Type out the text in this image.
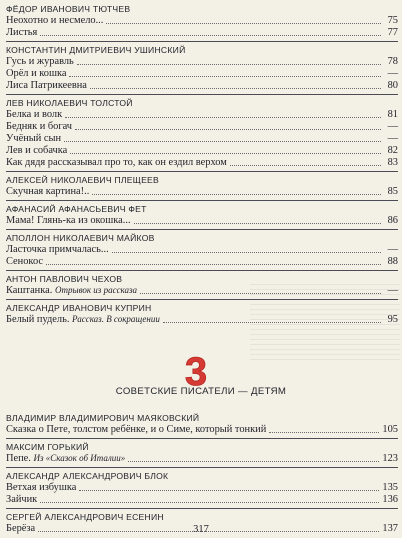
ФЁДОР ИВАНОВИЧ ТЮТЧЕВ
Неохотно и несмело...	75
Листья	77
КОНСТАНТИН ДМИТРИЕВИЧ УШИНСКИЙ
Гусь и журавль	78
Орёл и кошка	—
Лиса Патрикеевна	80
ЛЕВ НИКОЛАЕВИЧ ТОЛСТОЙ
Белка и волк	81
Бедняк и богач	—
Учёный сын	—
Лев и собачка	82
Как дядя рассказывал про то, как он ездил верхом	83
АЛЕКСЕЙ НИКОЛАЕВИЧ ПЛЕЩЕЕВ
Скучная картина!..	85
АФАНАСИЙ АФАНАСЬЕВИЧ ФЕТ
Мама! Глянь-ка из окошка...	86
АПОЛЛОН НИКОЛАЕВИЧ МАЙКОВ
Ласточка примчалась...	—
Сенокос	88
АНТОН ПАВЛОВИЧ ЧЕХОВ
Каштанка. Отрывок из рассказа	—
АЛЕКСАНДР ИВАНОВИЧ КУПРИН
Белый пудель. Рассказ. В сокращении	95
3
СОВЕТСКИЕ ПИСАТЕЛИ — ДЕТЯМ
ВЛАДИМИР ВЛАДИМИРОВИЧ МАЯКОВСКИЙ
Сказка о Пете, толстом ребёнке, и о Симе, который тонкий	105
МАКСИМ ГОРЬКИЙ
Пепе. Из «Сказок об Италии»	123
АЛЕКСАНДР АЛЕКСАНДРОВИЧ БЛОК
Ветхая избушка	135
Зайчик	136
СЕРГЕЙ АЛЕКСАНДРОВИЧ ЕСЕНИН
Берёза	137
317
